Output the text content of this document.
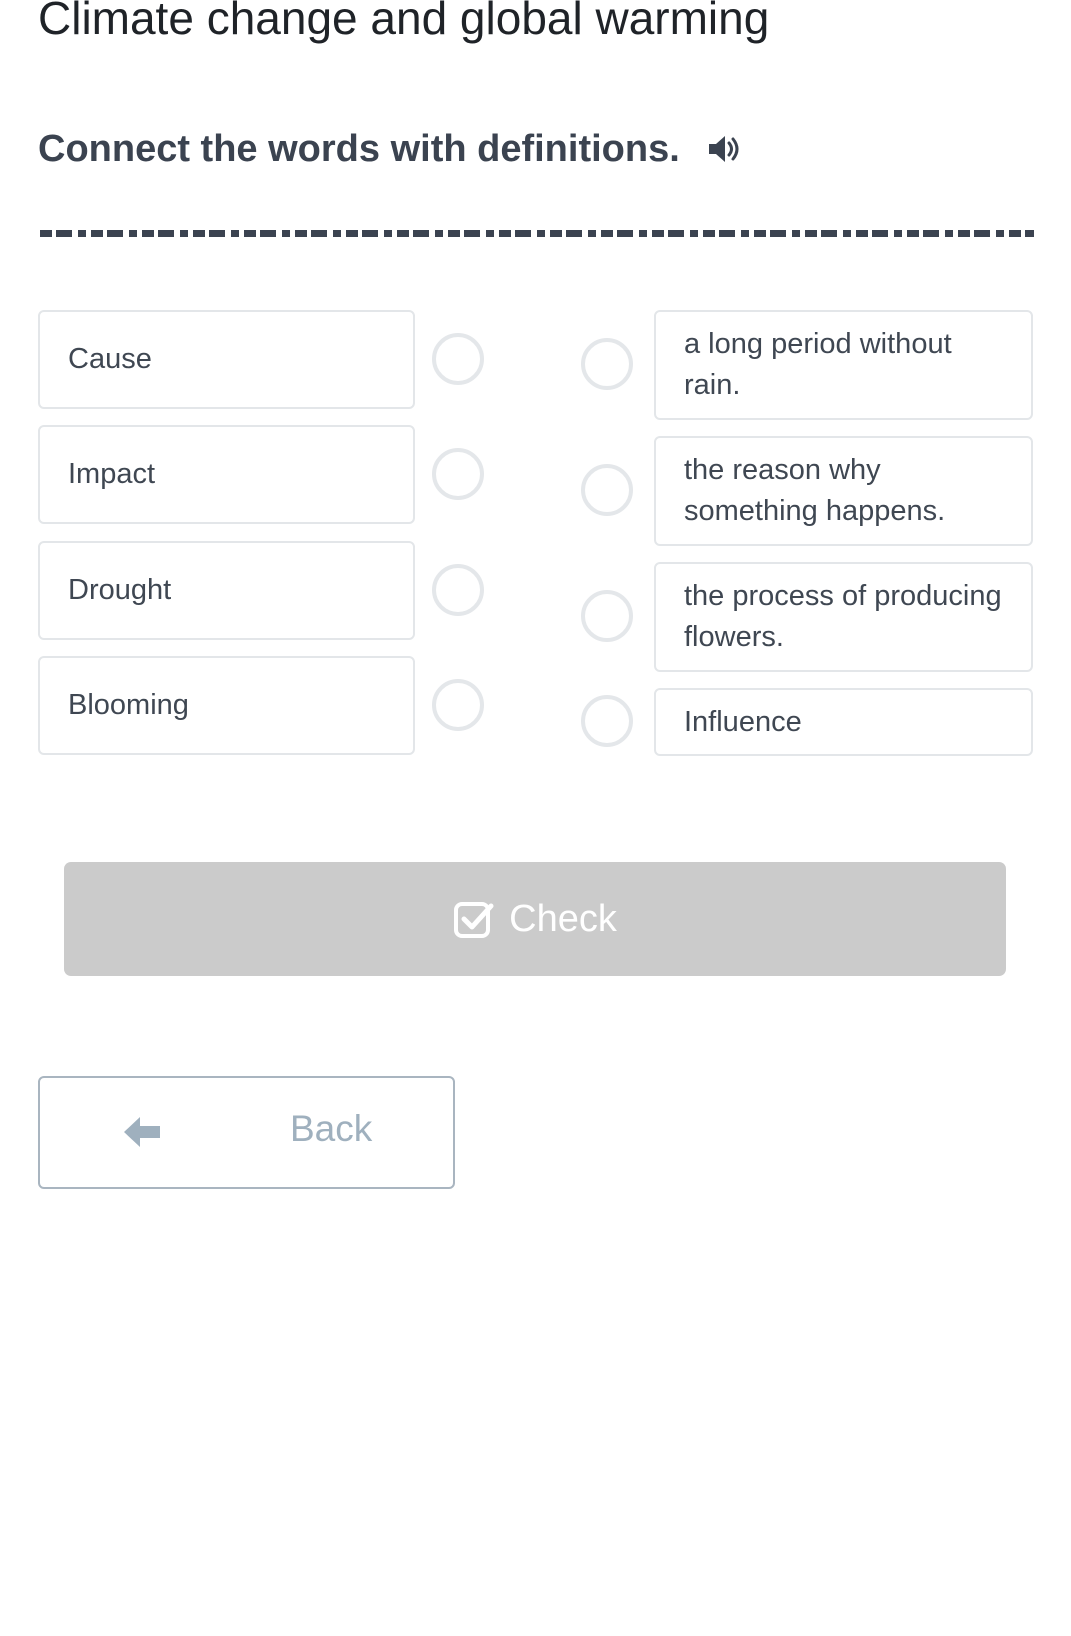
Climate change and global warming
Connect the words with definitions.
Cause
Impact
Drought
Blooming
a long period without rain.
the reason why something happens.
the process of producing flowers.
Influence
Check
Back
